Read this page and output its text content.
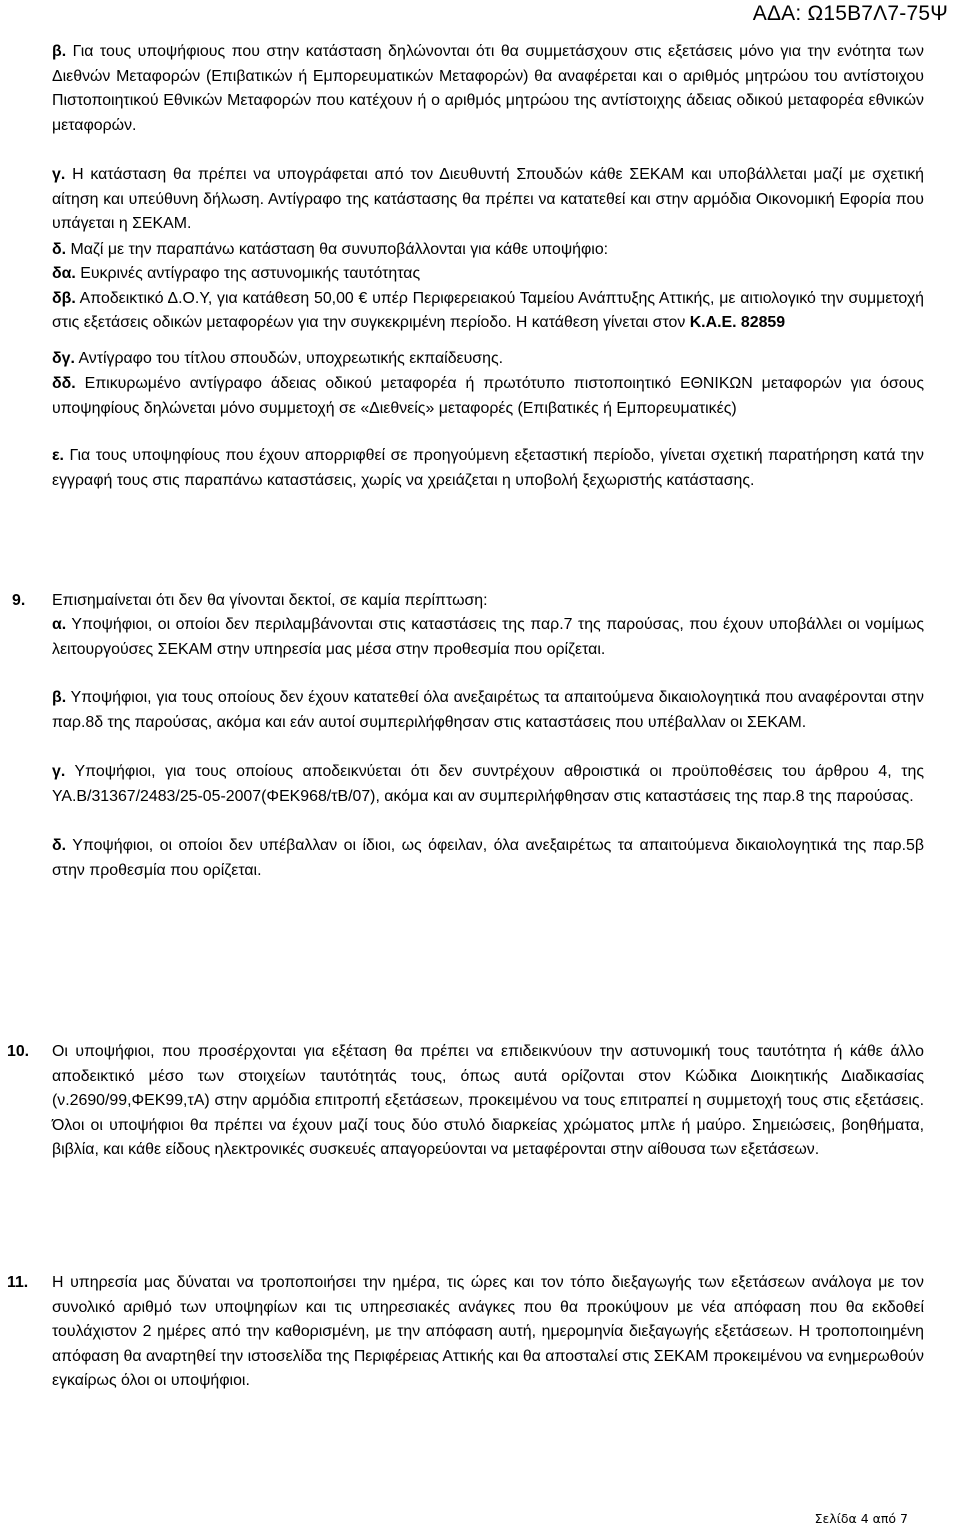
ΑΔΑ: Ω15Β7Λ7-75Ψ
β. Για τους υποψήφιους που στην κατάσταση δηλώνονται ότι θα συμμετάσχουν στις εξετάσεις μόνο για την ενότητα των Διεθνών Μεταφορών (Επιβατικών ή Εμπορευματικών Μεταφορών) θα αναφέρεται και ο αριθμός μητρώου του αντίστοιχου Πιστοποιητικού Εθνικών Μεταφορών που κατέχουν ή ο αριθμός μητρώου της αντίστοιχης άδειας οδικού μεταφορέα εθνικών μεταφορών.
γ. Η κατάσταση θα πρέπει να υπογράφεται από τον Διευθυντή Σπουδών κάθε ΣΕΚΑΜ και υποβάλλεται μαζί με σχετική αίτηση και υπεύθυνη δήλωση. Αντίγραφο της κατάστασης θα πρέπει να κατατεθεί και στην αρμόδια Οικονομική Εφορία που υπάγεται η ΣΕΚΑΜ.
δ. Μαζί με την παραπάνω κατάσταση θα συνυποβάλλονται για κάθε υποψήφιο:
δα. Ευκρινές αντίγραφο της αστυνομικής ταυτότητας
δβ. Αποδεικτικό Δ.Ο.Υ, για κατάθεση 50,00 € υπέρ Περιφερειακού Ταμείου Ανάπτυξης Αττικής, με αιτιολογικό την συμμετοχή στις εξετάσεις οδικών μεταφορέων για την συγκεκριμένη περίοδο. Η κατάθεση γίνεται στον Κ.Α.Ε. 82859
δγ. Αντίγραφο του τίτλου σπουδών, υποχρεωτικής εκπαίδευσης.
δδ. Επικυρωμένο αντίγραφο άδειας οδικού μεταφορέα ή πρωτότυπο πιστοποιητικό ΕΘΝΙΚΩΝ μεταφορών για όσους υποψηφίους δηλώνεται μόνο συμμετοχή σε «Διεθνείς» μεταφορές (Επιβατικές ή Εμπορευματικές)
ε. Για τους υποψηφίους που έχουν απορριφθεί σε προηγούμενη εξεταστική περίοδο, γίνεται σχετική παρατήρηση κατά την εγγραφή τους στις παραπάνω καταστάσεις, χωρίς να χρειάζεται η υποβολή ξεχωριστής κατάστασης.
9. Επισημαίνεται ότι δεν θα γίνονται δεκτοί, σε καμία περίπτωση:
α. Υποψήφιοι, οι οποίοι δεν περιλαμβάνονται στις καταστάσεις της παρ.7 της παρούσας, που έχουν υποβάλλει οι νομίμως λειτουργούσες ΣΕΚΑΜ στην υπηρεσία μας μέσα στην προθεσμία που ορίζεται.
β. Υποψήφιοι, για τους οποίους δεν έχουν κατατεθεί όλα ανεξαιρέτως τα απαιτούμενα δικαιολογητικά που αναφέρονται στην παρ.8δ της παρούσας, ακόμα και εάν αυτοί συμπεριλήφθησαν στις καταστάσεις που υπέβαλλαν οι ΣΕΚΑΜ.
γ. Υποψήφιοι, για τους οποίους αποδεικνύεται ότι δεν συντρέχουν αθροιστικά οι προϋποθέσεις του άρθρου 4, της ΥΑ.Β/31367/2483/25-05-2007(ΦΕΚ968/τΒ/07), ακόμα και αν συμπεριλήφθησαν στις καταστάσεις της παρ.8 της παρούσας.
δ. Υποψήφιοι, οι οποίοι δεν υπέβαλλαν οι ίδιοι, ως όφειλαν, όλα ανεξαιρέτως τα απαιτούμενα δικαιολογητικά της παρ.5β στην προθεσμία που ορίζεται.
10. Οι υποψήφιοι, που προσέρχονται για εξέταση θα πρέπει να επιδεικνύουν την αστυνομική τους ταυτότητα ή κάθε άλλο αποδεικτικό μέσο των στοιχείων ταυτότητάς τους, όπως αυτά ορίζονται στον Κώδικα Διοικητικής Διαδικασίας (ν.2690/99,ΦΕΚ99,τΑ) στην αρμόδια επιτροπή εξετάσεων, προκειμένου να τους επιτραπεί η συμμετοχή τους στις εξετάσεις. Όλοι οι υποψήφιοι θα πρέπει να έχουν μαζί τους δύο στυλό διαρκείας χρώματος μπλε ή μαύρο. Σημειώσεις, βοηθήματα, βιβλία, και κάθε είδους ηλεκτρονικές συσκευές απαγορεύονται να μεταφέρονται στην αίθουσα των εξετάσεων.
11. Η υπηρεσία μας δύναται να τροποποιήσει την ημέρα, τις ώρες και τον τόπο διεξαγωγής των εξετάσεων ανάλογα με τον συνολικό αριθμό των υποψηφίων και τις υπηρεσιακές ανάγκες που θα προκύψουν με νέα απόφαση που θα εκδοθεί τουλάχιστον 2 ημέρες από την καθορισμένη, με την απόφαση αυτή, ημερομηνία διεξαγωγής εξετάσεων. Η τροποποιημένη απόφαση θα αναρτηθεί την ιστοσελίδα της Περιφέρειας Αττικής και θα αποσταλεί στις ΣΕΚΑΜ προκειμένου να ενημερωθούν εγκαίρως όλοι οι υποψήφιοι.
Σελίδα 4 από 7
